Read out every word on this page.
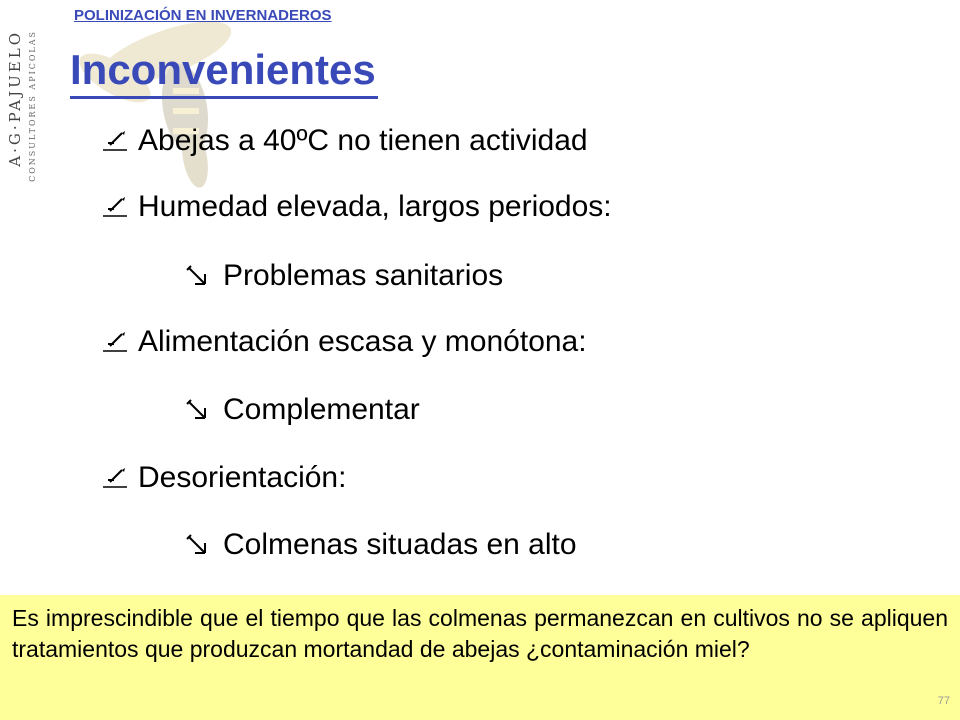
A·G·PAJUELO CONSULTORES APÍCOLAS
POLINIZACIÓN EN INVERNADEROS
Inconvenientes
Abejas a 40ºC no tienen actividad
Humedad elevada, largos periodos:
Problemas sanitarios
Alimentación escasa y monótona:
Complementar
Desorientación:
Colmenas situadas en alto
Es imprescindible que el tiempo que las colmenas permanezcan en cultivos no se apliquen tratamientos que produzcan mortandad de abejas ¿contaminación miel?
77
